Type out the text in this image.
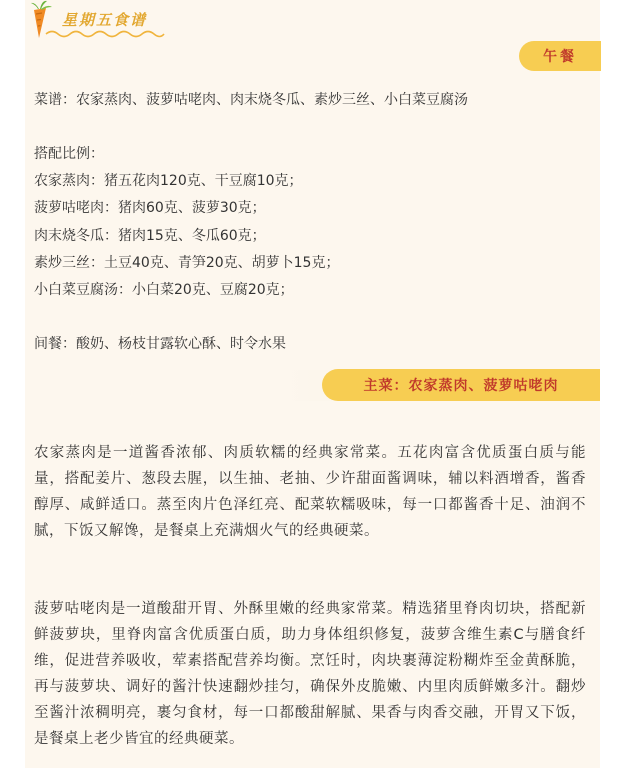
星期五食谱
午餐
菜谱：农家蒸肉、菠萝咕咾肉、肉末烧冬瓜、素炒三丝、小白菜豆腐汤
搭配比例：
农家蒸肉：猪五花肉120克、干豆腐10克；
菠萝咕咾肉：猪肉60克、菠萝30克；
肉末烧冬瓜：猪肉15克、冬瓜60克；
素炒三丝：土豆40克、青笋20克、胡萝卜15克；
小白菜豆腐汤：小白菜20克、豆腐20克；
间餐：酸奶、杨枝甘露软心酥、时令水果
主菜：农家蒸肉、菠萝咕咾肉
农家蒸肉是一道酱香浓郁、肉质软糯的经典家常菜。五花肉富含优质蛋白质与能量，搭配姜片、葱段去腥，以生抽、老抽、少许甜面酱调味，辅以料酒增香，酱香醇厚、咸鲜适口。蒸至肉片色泽红亮、配菜软糯吸味，每一口都酱香十足、油润不腻，下饭又解馋，是餐桌上充满烟火气的经典硬菜。
菠萝咕咾肉是一道酸甜开胃、外酥里嫩的经典家常菜。精选猪里脊肉切块，搭配新鲜菠萝块，里脊肉富含优质蛋白质，助力身体组织修复，菠萝含维生素C与膳食纤维，促进营养吸收，荤素搭配营养均衡。烹饪时，肉块裹薄淀粉糊炸至金黄酥脆，再与菠萝块、调好的酱汁快速翻炒挂匀，确保外皮脆嫩、内里肉质鲜嫩多汁。翻炒至酱汁浓稠明亮，裹匀食材，每一口都酸甜解腻、果香与肉香交融，开胃又下饭，是餐桌上老少皆宜的经典硬菜。
